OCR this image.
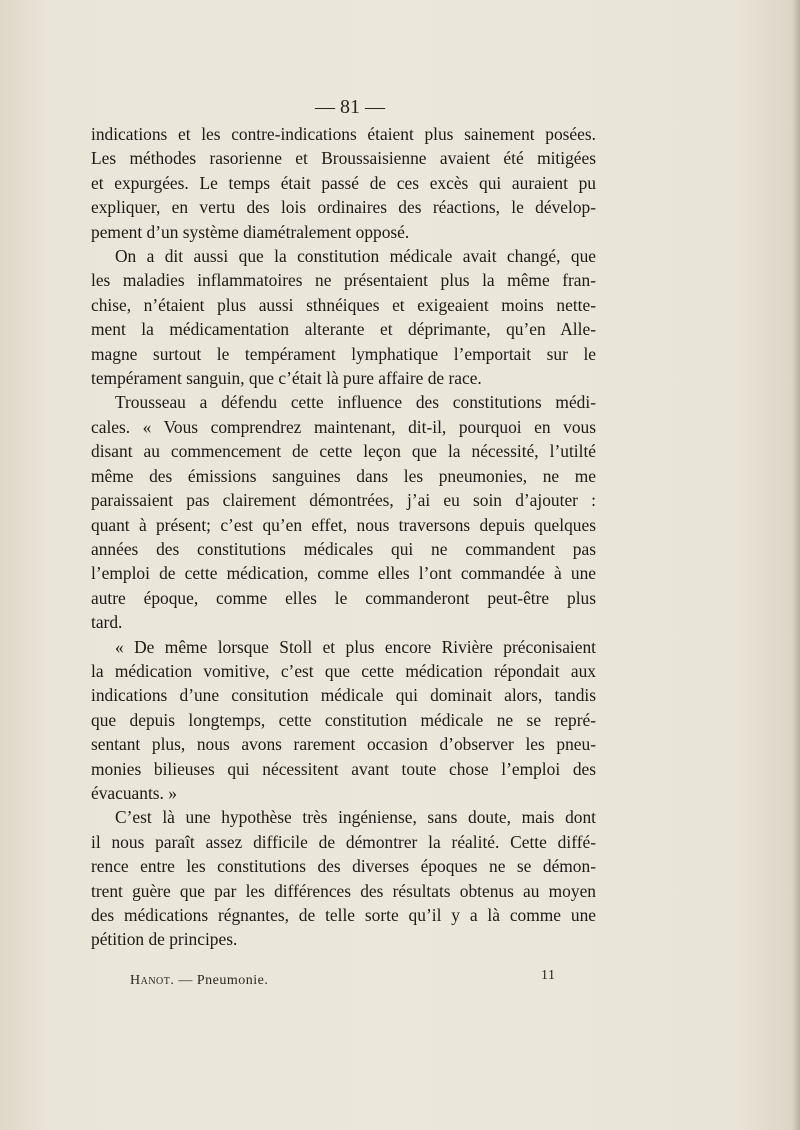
— 81 —

indications et les contre-indications étaient plus sainement posées.
Les méthodes rasorienne et Broussaisienne avaient été mitigées
et expurgées. Le temps était passé de ces excès qui auraient pu
expliquer, en vertu des lois ordinaires des réactions, le dévelop-
pement d’un système diamétralement opposé.

On a dit aussi que la constitution médicale avait changé, que
les maladies inflammatoires ne présentaient plus la même fran-
chise, n’étaient plus aussi sthnéiques et exigeaient moins nette-
ment la médicamentation alterante et déprimante, qu’en Alle-
magne surtout le tempérament lymphatique l’emportait sur le
tempérament sanguin, que c’était là pure affaire de race.

Trousseau a défendu cette influence des constitutions médi-
cales. « Vous comprendrez maintenant, dit-il, pourquoi en vous
disant au commencement de cette leçon que la nécessité, l’utilté
même des émissions sanguines dans les pneumonies, ne me
paraissaient pas clairement démontrées, j’ai eu soin d’ajouter :
quant à présent; c’est qu’en effet, nous traversons depuis quelques
années des constitutions médicales qui ne commandent pas
l’emploi de cette médication, comme elles l’ont commandée à une
autre époque, comme elles le commanderont peut-être plus
tard.

« De même lorsque Stoll et plus encore Rivière préconisaient
la médication vomitive, c’est que cette médication répondait aux
indications d’une consitution médicale qui dominait alors, tandis
que depuis longtemps, cette constitution médicale ne se repré-
sentant plus, nous avons rarement occasion d’observer les pneu-
monies bilieuses qui nécessitent avant toute chose l’emploi des
évacuants. »

C’est là une hypothèse très ingéniense, sans doute, mais dont
il nous paraît assez difficile de démontrer la réalité. Cette diffé-
rence entre les constitutions des diverses époques ne se démon-
trent guère que par les différences des résultats obtenus au moyen
des médications régnantes, de telle sorte qu’il y a là comme une
pétition de principes.

Hanot. — Pneumonie.	11
